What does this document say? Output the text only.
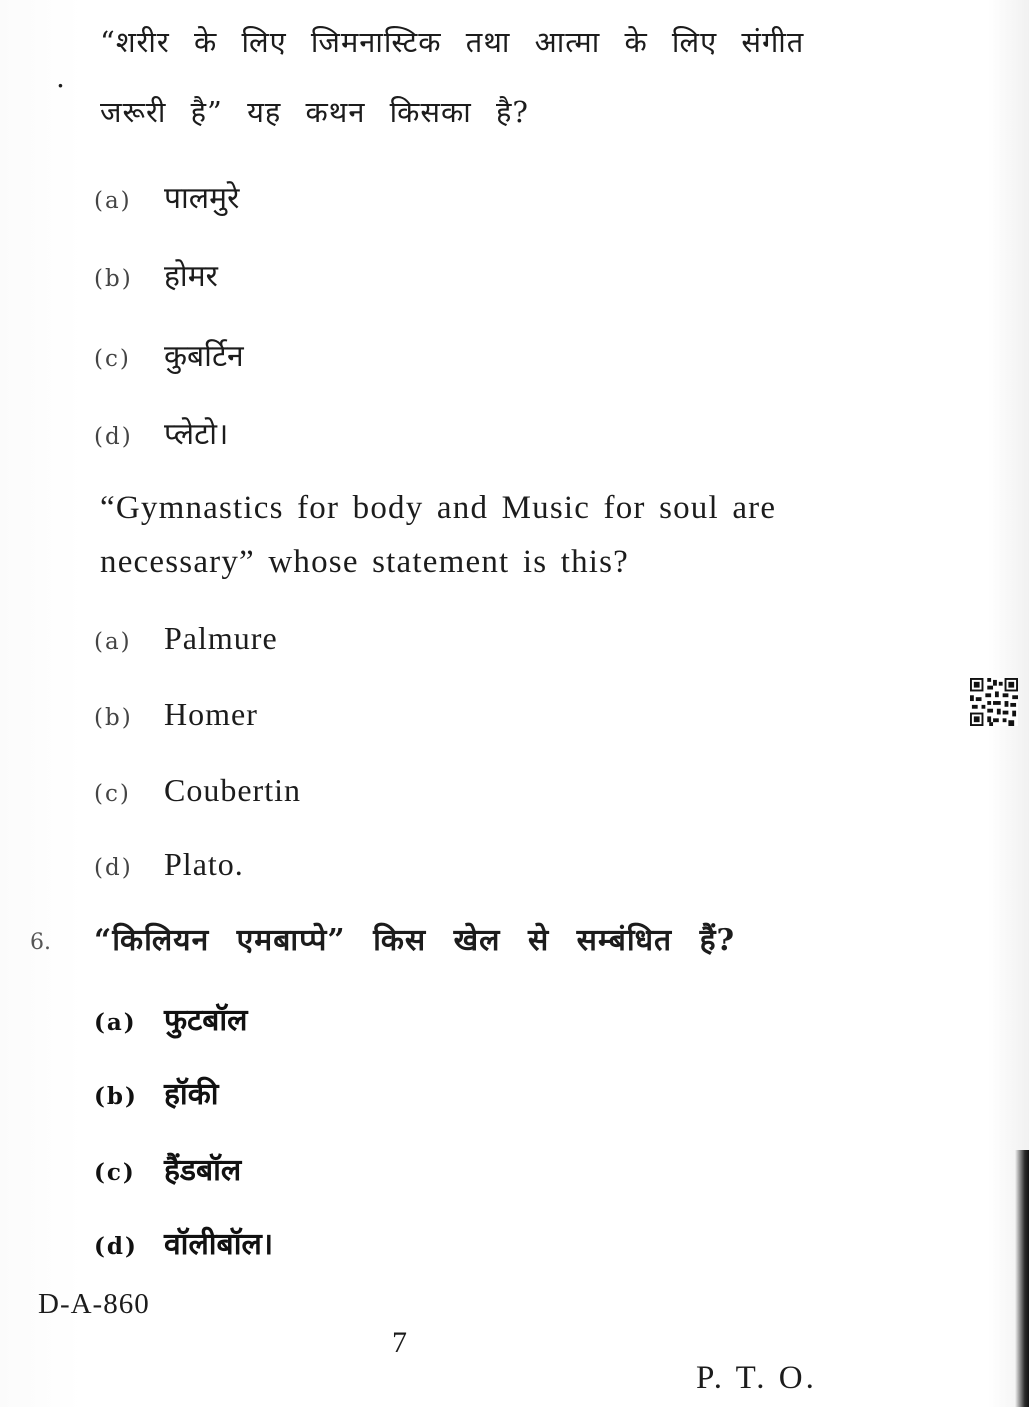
.
“शरीर के लिए जिमनास्टिक तथा आत्मा के लिए संगीत
जरूरी है” यह कथन किसका है?
(a) पालमुरे
(b) होमर
(c) कुबर्टिन
(d) प्लेटो।
“Gymnastics for body and Music for soul are
necessary” whose statement is this?
(a) Palmure
(b) Homer
(c) Coubertin
(d) Plato.
6. “किलियन एमबाप्पे” किस खेल से सम्बंधित हैं?
(a) फुटबॉल
(b) हॉकी
(c) हैंडबॉल
(d) वॉलीबॉल।
D-A-860
7
P. T. O.
